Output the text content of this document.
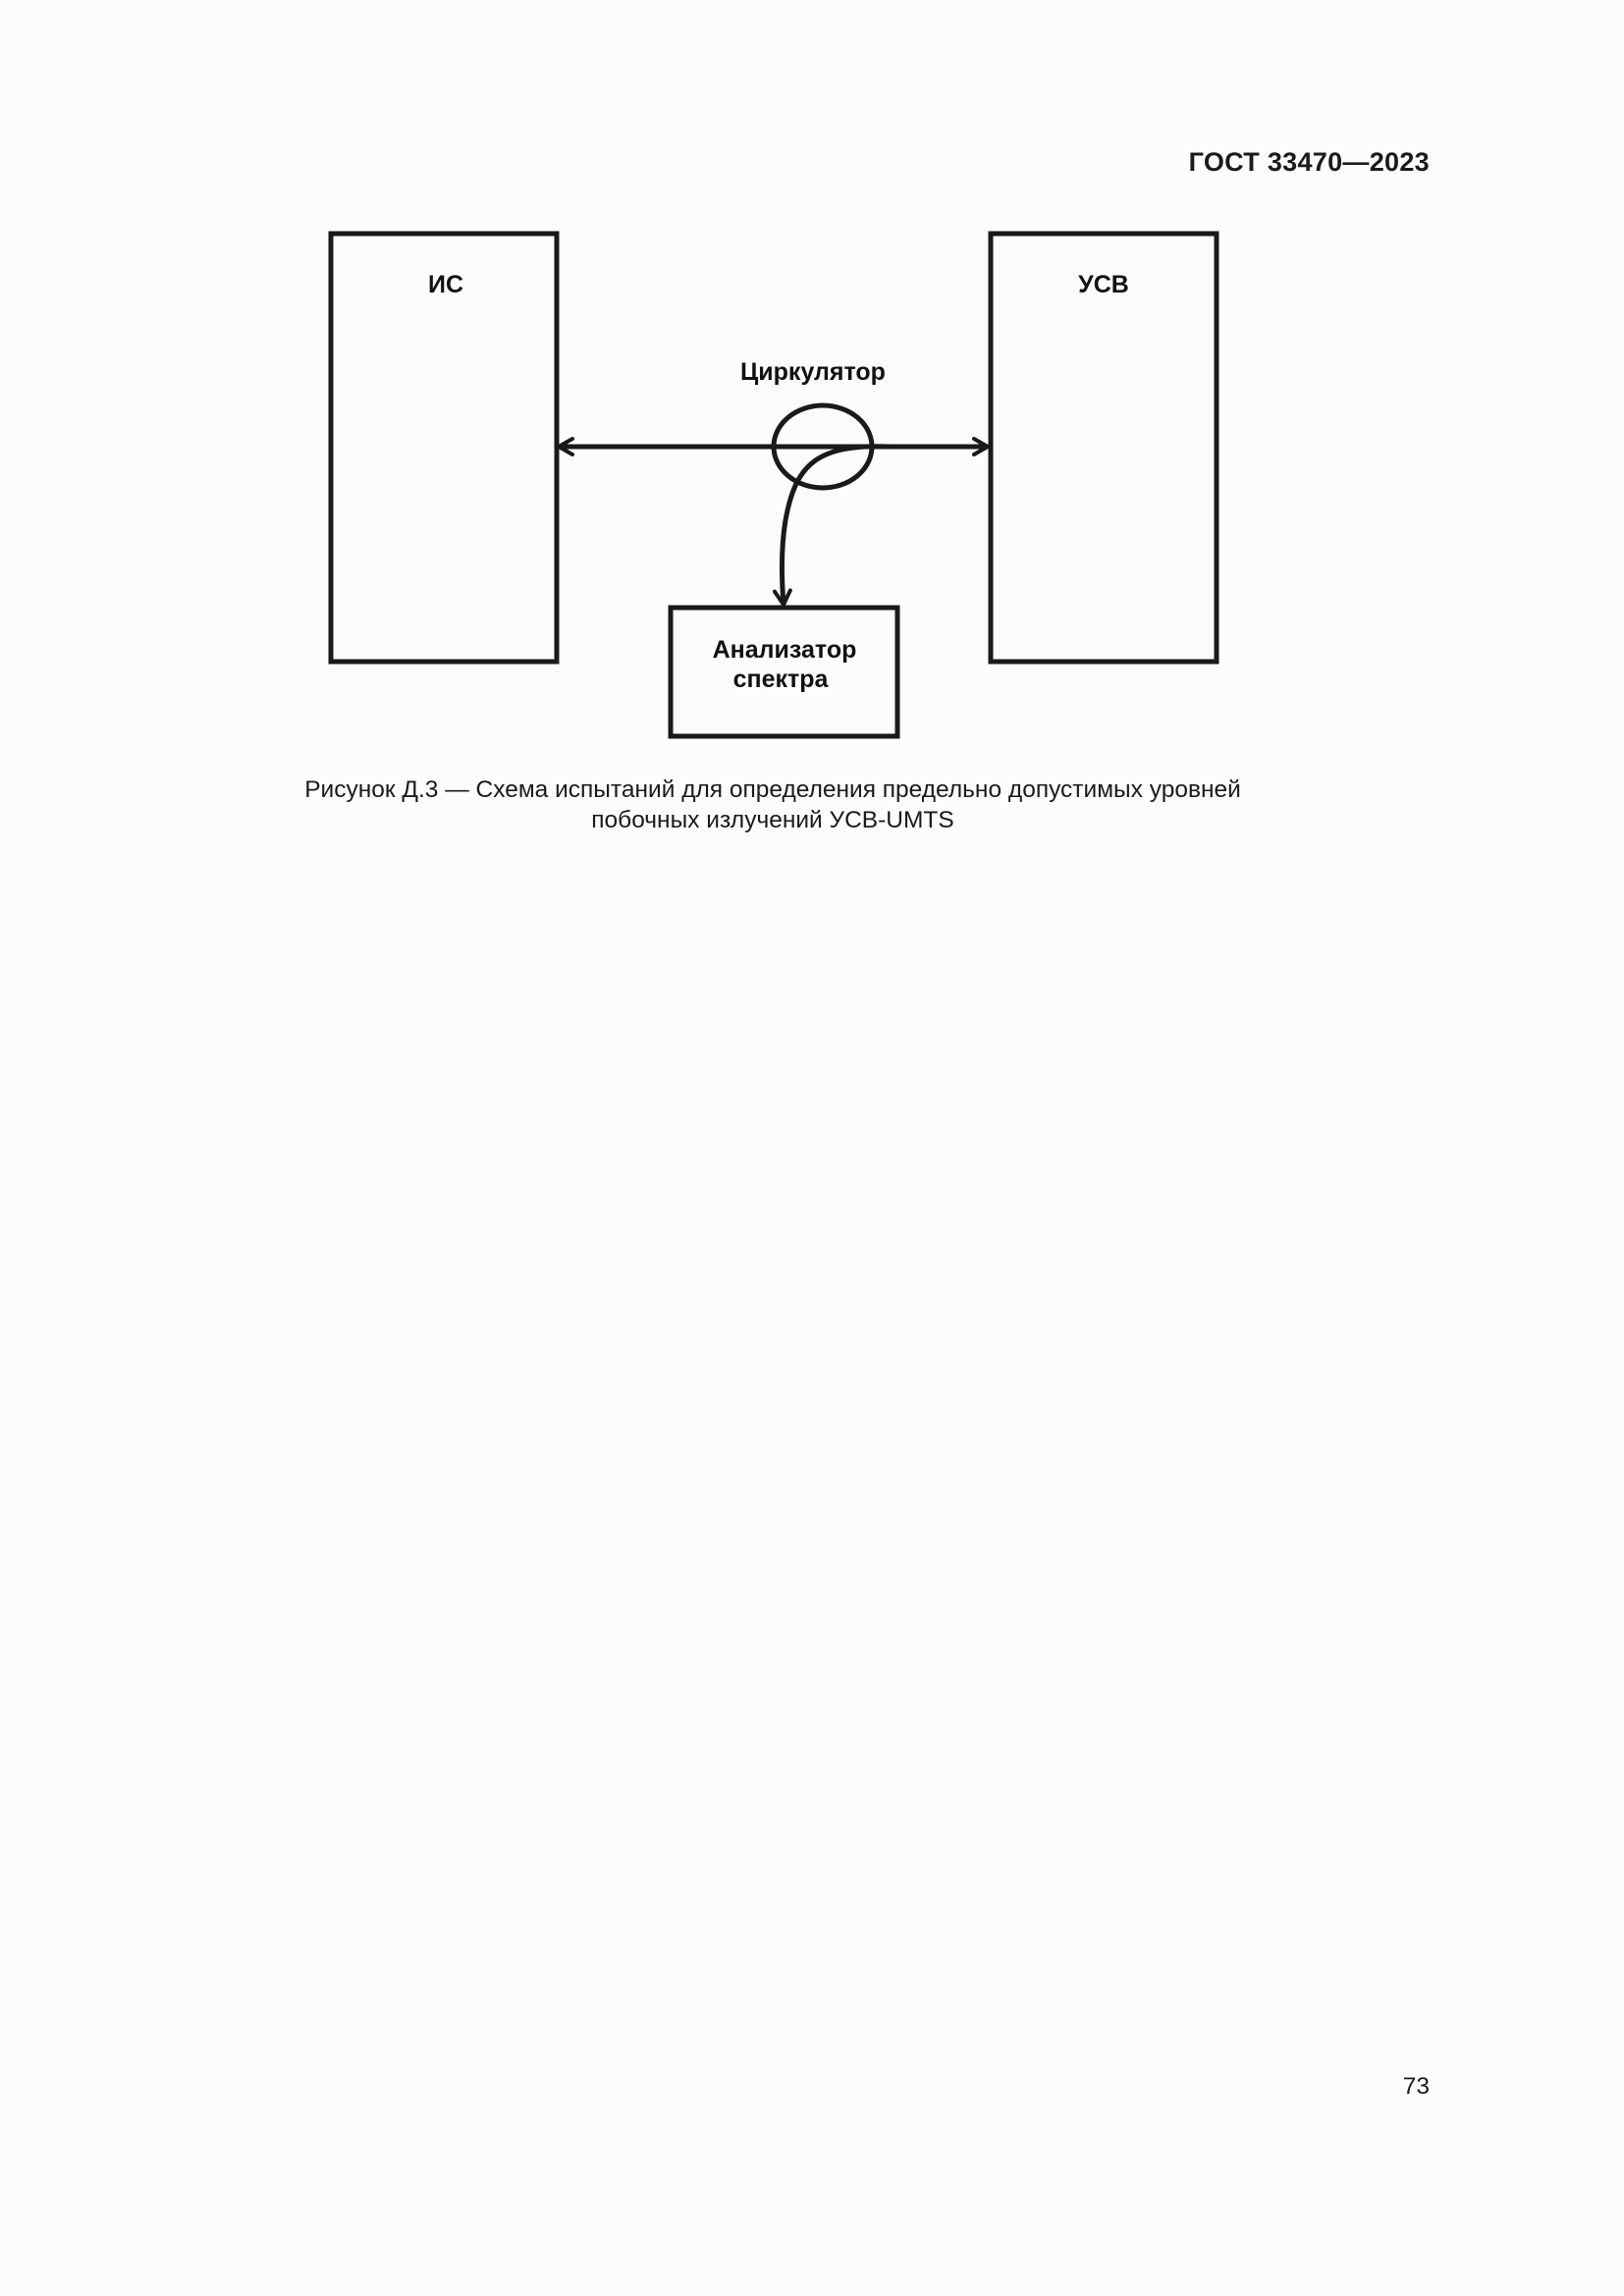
ГОСТ 33470—2023
ИС	УСВ
Анализатор
спектра
Циркулятор
Рисунок Д.3 — Схема испытаний для определения предельно допустимых уровней
побочных излучений УСВ-UMTS
73
